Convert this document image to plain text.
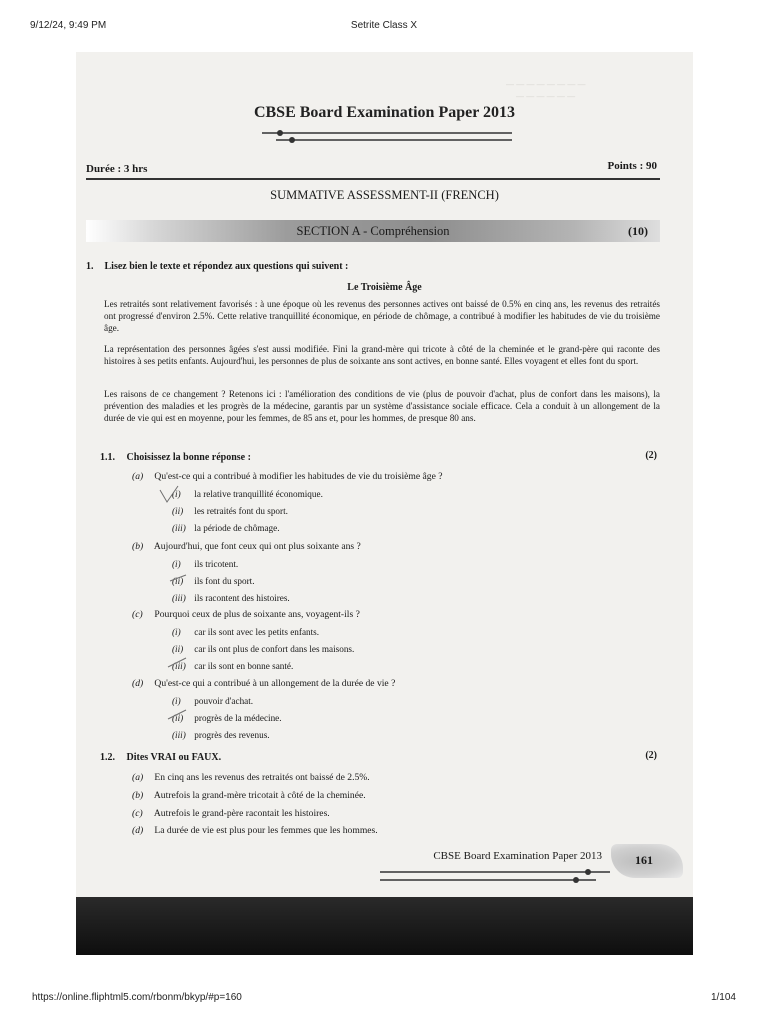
9/12/24, 9:49 PM	Setrite Class X
— — — — — — — —
— — — — — —
CBSE Board Examination Paper 2013
Durée : 3 hrs	Points : 90
SUMMATIVE ASSESSMENT-II (FRENCH)
SECTION A - Compréhension	(10)
1. Lisez bien le texte et répondez aux questions qui suivent :
Le Troisième Âge

Les retraités sont relativement favorisés : à une époque où les revenus des personnes actives ont baissé de 0.5% en cinq ans, les revenus des retraités ont progressé d'environ 2.5%. Cette relative tranquillité économique, en période de chômage, a contribué à modifier les habitudes de vie du troisième âge.

La représentation des personnes âgées s'est aussi modifiée. Fini la grand-mère qui tricote à côté de la cheminée et le grand-père qui raconte des histoires à ses petits enfants. Aujourd'hui, les personnes de plus de soixante ans sont actives, en bonne santé. Elles voyagent et elles font du sport.

Les raisons de ce changement ? Retenons ici : l'amélioration des conditions de vie (plus de pouvoir d'achat, plus de confort dans les maisons), la prévention des maladies et les progrès de la médecine, garantis par un système d'assistance sociale efficace. Cela a conduit à un allongement de la durée de vie qui est en moyenne, pour les femmes, de 85 ans et, pour les hommes, de presque 80 ans.

1.1. Choisissez la bonne réponse :	(2)
(a) Qu'est-ce qui a contribué à modifier les habitudes de vie du troisième âge ?
(i) la relative tranquillité économique.
(ii) les retraités font du sport.
(iii) la période de chômage.
(b) Aujourd'hui, que font ceux qui ont plus soixante ans ?
(i) ils tricotent.
(ii) ils font du sport.
(iii) ils racontent des histoires.
(c) Pourquoi ceux de plus de soixante ans, voyagent-ils ?
(i) car ils sont avec les petits enfants.
(ii) car ils ont plus de confort dans les maisons.
(iii) car ils sont en bonne santé.
(d) Qu'est-ce qui a contribué à un allongement de la durée de vie ?
(i) pouvoir d'achat.
(ii) progrès de la médecine.
(iii) progrès des revenus.
1.2. Dites VRAI ou FAUX.	(2)
(a) En cinq ans les revenus des retraités ont baissé de 2.5%.
(b) Autrefois la grand-mère tricotait à côté de la cheminée.
(c) Autrefois le grand-père racontait les histoires.
(d) La durée de vie est plus pour les femmes que les hommes.
CBSE Board Examination Paper 2013	161
https://online.fliphtml5.com/rbonm/bkyp/#p=160	1/104
